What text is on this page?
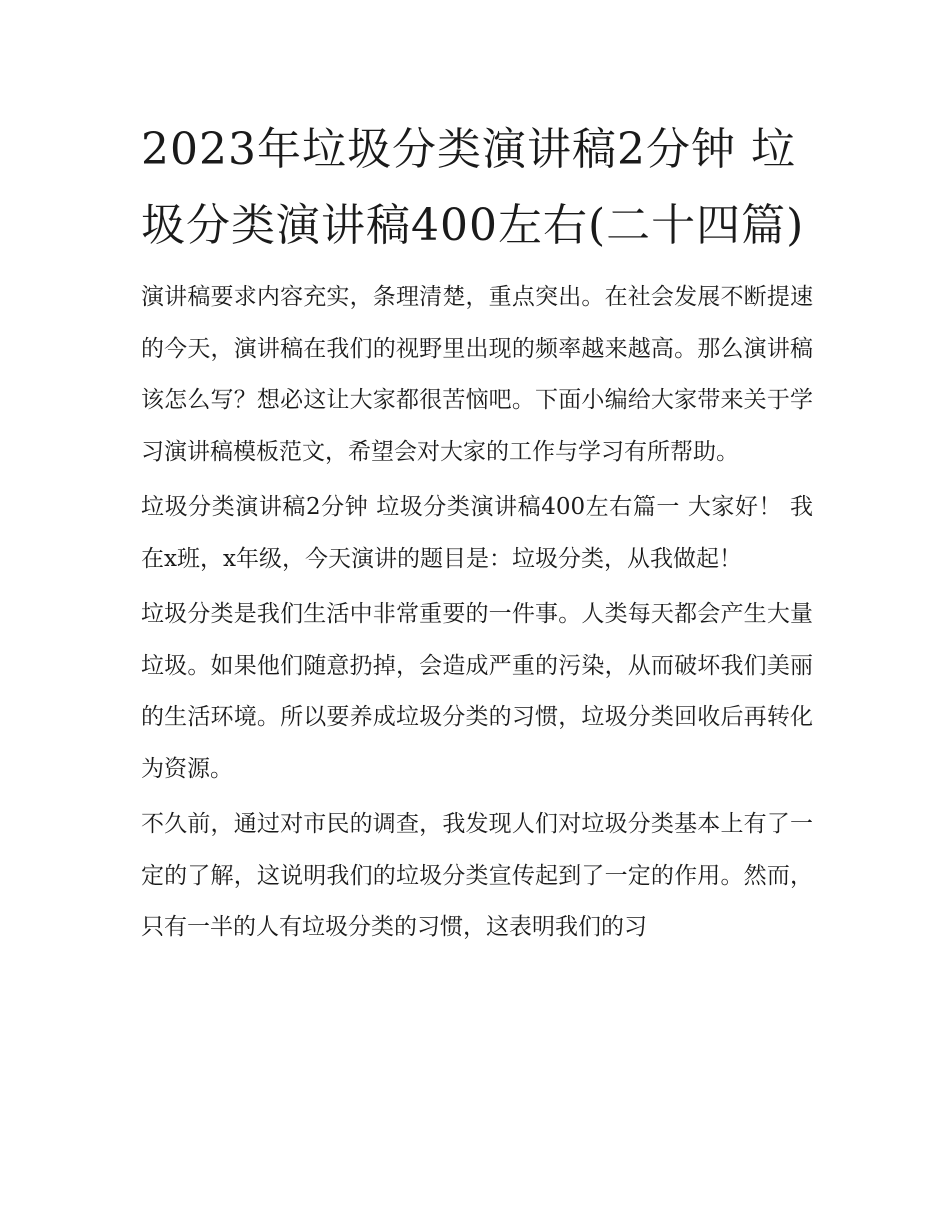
2023年垃圾分类演讲稿2分钟 垃圾分类演讲稿400左右(二十四篇)

演讲稿要求内容充实，条理清楚，重点突出。在社会发展不断提速的今天，演讲稿在我们的视野里出现的频率越来越高。那么演讲稿该怎么写？想必这让大家都很苦恼吧。下面小编给大家带来关于学习演讲稿模板范文，希望会对大家的工作与学习有所帮助。

垃圾分类演讲稿2分钟 垃圾分类演讲稿400左右篇一 大家好！ 我在x班，x年级，今天演讲的题目是：垃圾分类，从我做起！

垃圾分类是我们生活中非常重要的一件事。人类每天都会产生大量垃圾。如果他们随意扔掉，会造成严重的污染，从而破坏我们美丽的生活环境。所以要养成垃圾分类的习惯，垃圾分类回收后再转化为资源。

不久前，通过对市民的调查，我发现人们对垃圾分类基本上有了一定的了解，这说明我们的垃圾分类宣传起到了一定的作用。然而，只有一半的人有垃圾分类的习惯，这表明我们的习
